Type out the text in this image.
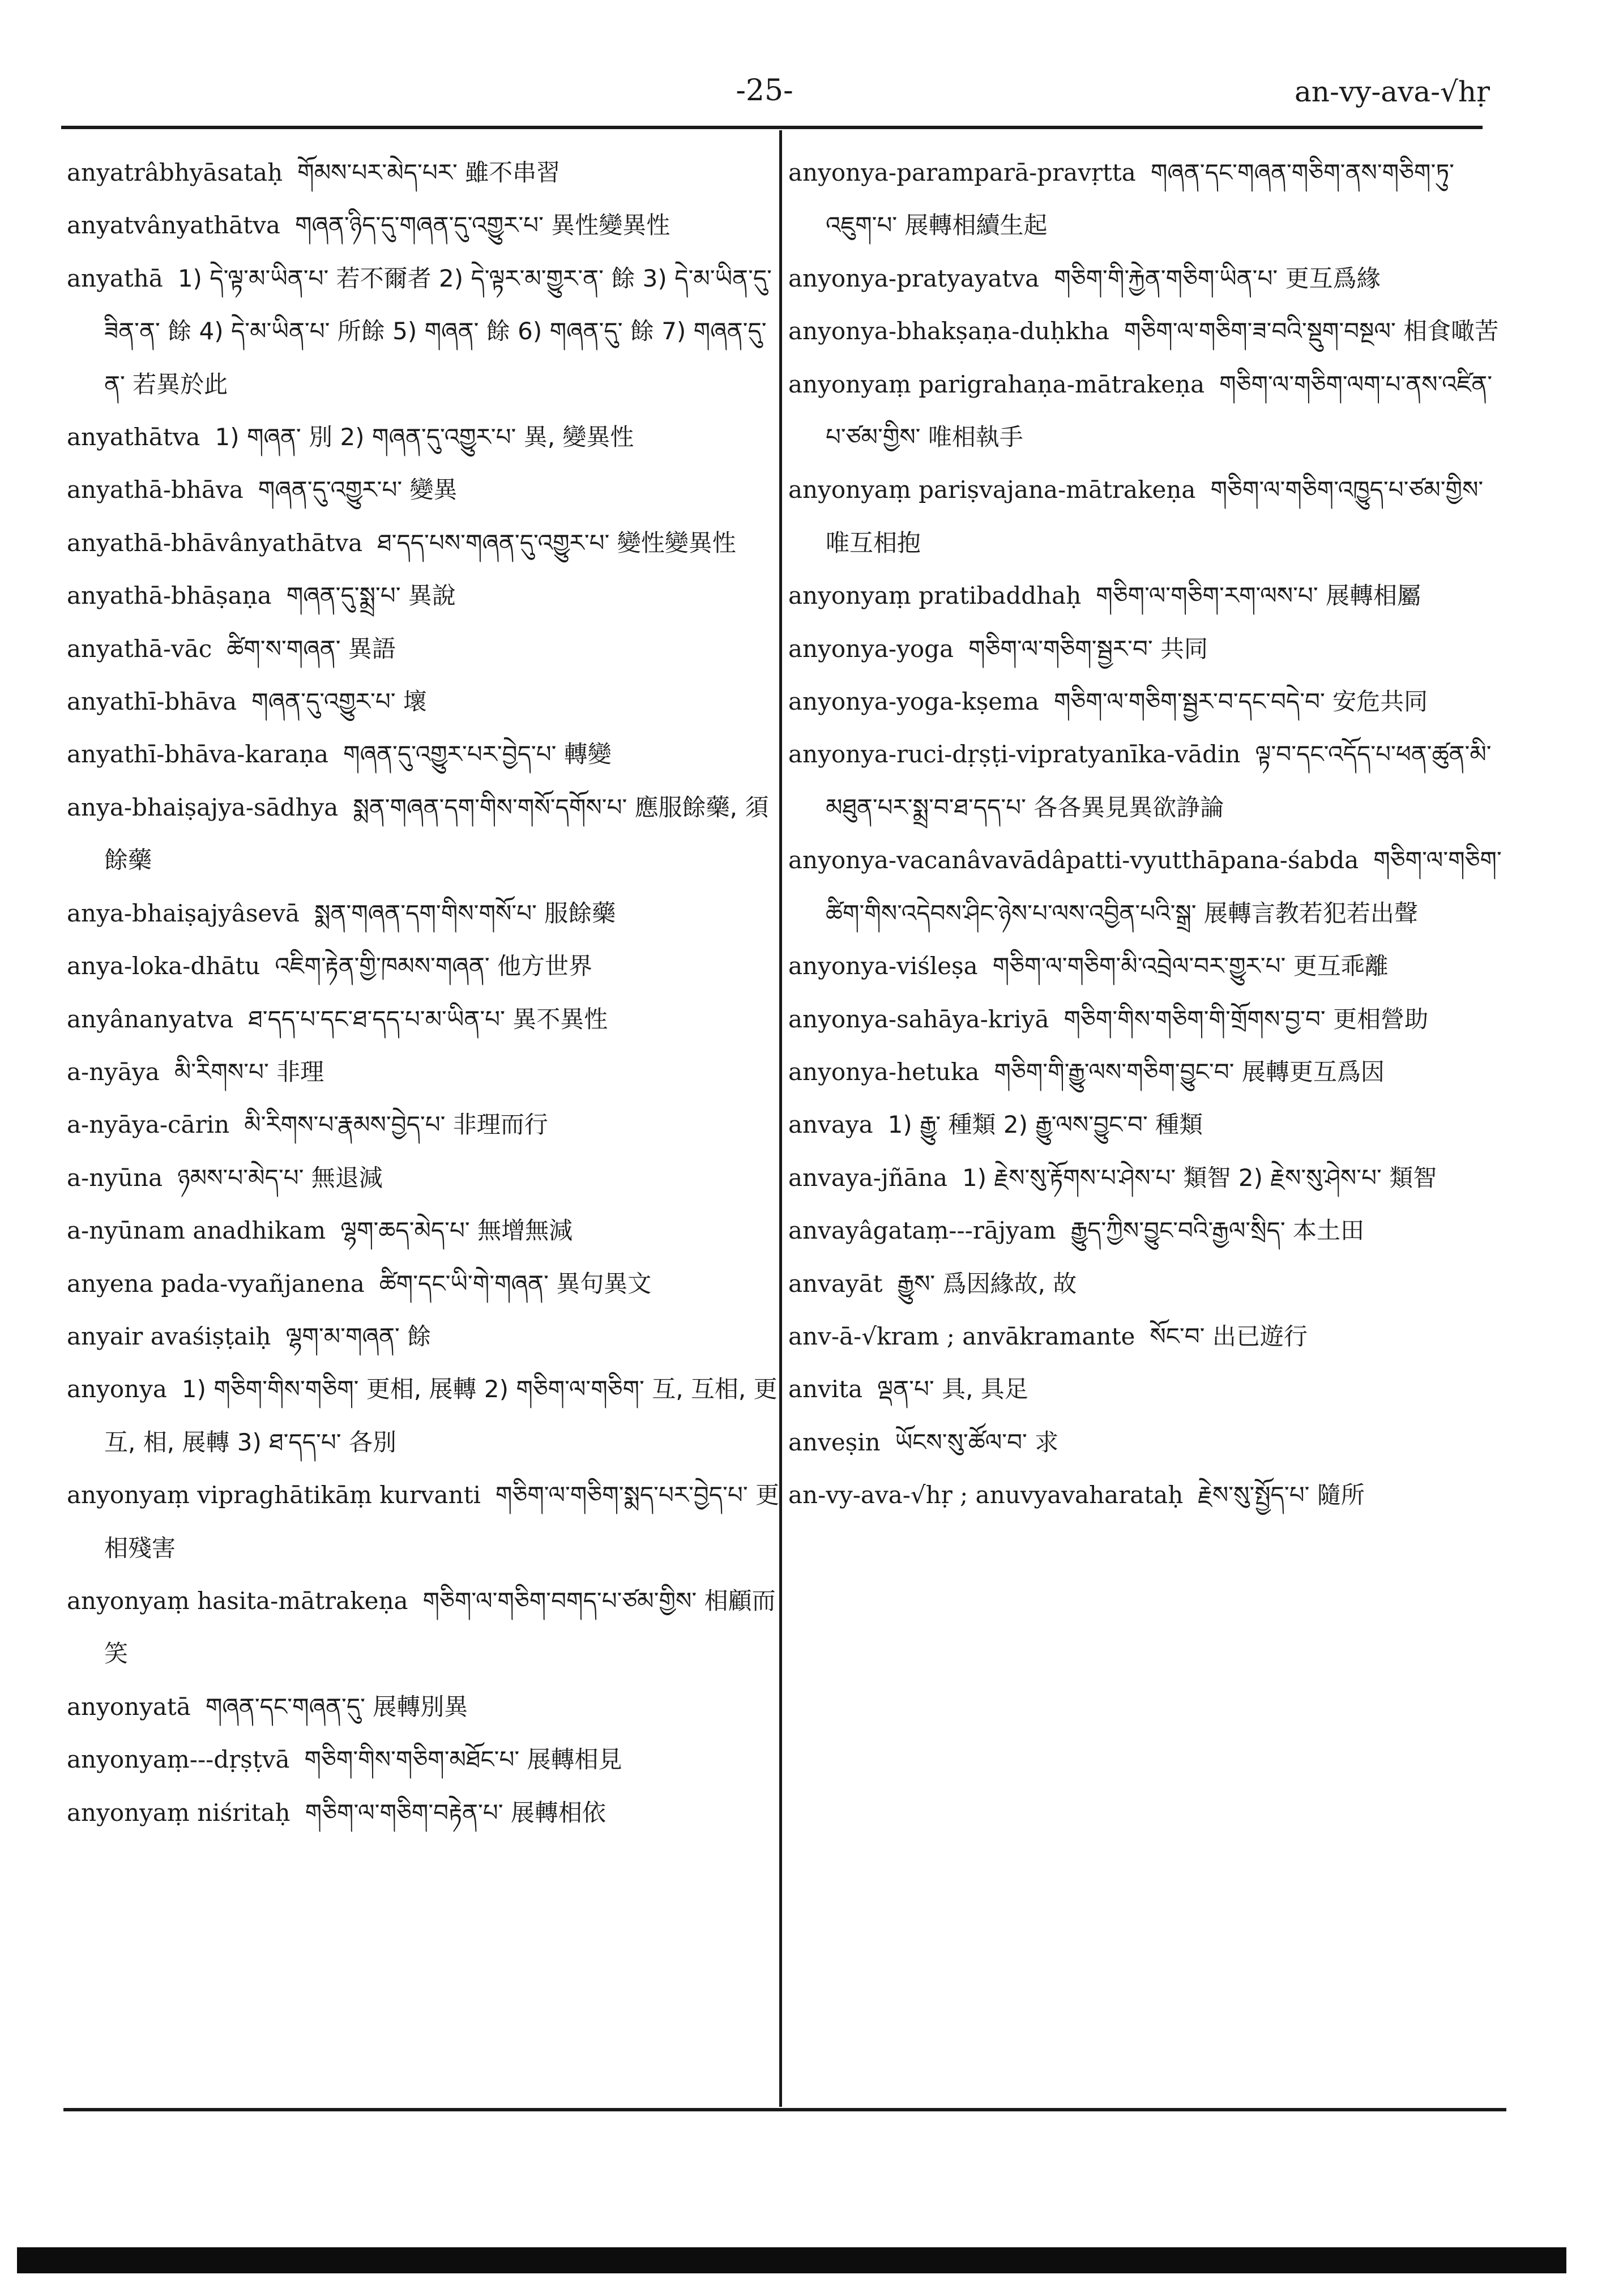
-25-	an-vy-ava-√hṛ
anyatrâbhyāsataḥ གོམས་པར་མེད་པར་ 雖不串習
anyatvânyathātva གཞན་ཉིད་དུ་གཞན་དུ་འགྱུར་པ་ 異性變異性
anyathā 1) དེ་ལྟ་མ་ཡིན་པ་ 若不爾者 2) དེ་ལྟར་མ་གྱུར་ན་ 餘 3) དེ་མ་ཡིན་དུ་ཟིན་ན་ 餘 4) དེ་མ་ཡིན་པ་ 所餘 5) གཞན་ 餘 6) གཞན་དུ་ 餘 7) གཞན་དུ་ན་ 若異於此
anyathātva 1) གཞན་ 別 2) གཞན་དུ་འགྱུར་པ་ 異, 變異性
anyathā-bhāva གཞན་དུ་འགྱུར་པ་ 變異
anyathā-bhāvânyathātva ཐ་དད་པས་གཞན་དུ་འགྱུར་པ་ 變性變異性
anyathā-bhāṣaṇa གཞན་དུ་སྨྲ་པ་ 異說
anyathā-vāc ཚིག་ས་གཞན་ 異語
anyathī-bhāva གཞན་དུ་འགྱུར་པ་ 壞
anyathī-bhāva-karaṇa གཞན་དུ་འགྱུར་པར་བྱེད་པ་ 轉變
anya-bhaiṣajya-sādhya སྨན་གཞན་དག་གིས་གསོ་དགོས་པ་ 應服餘藥, 須餘藥
anya-bhaiṣajyâsevā སྨན་གཞན་དག་གིས་གསོ་པ་ 服餘藥
anya-loka-dhātu འཇིག་རྟེན་གྱི་ཁམས་གཞན་ 他方世界
anyânanyatva ཐ་དད་པ་དང་ཐ་དད་པ་མ་ཡིན་པ་ 異不異性
a-nyāya མི་རིགས་པ་ 非理
a-nyāya-cārin མི་རིགས་པ་རྣམས་བྱེད་པ་ 非理而行
a-nyūna ཉམས་པ་མེད་པ་ 無退減
a-nyūnam anadhikam ལྷག་ཆད་མེད་པ་ 無增無減
anyena pada-vyañjanena ཚིག་དང་ཡི་གེ་གཞན་ 異句異文
anyair avaśiṣṭaiḥ ལྷག་མ་གཞན་ 餘
anyonya 1) གཅིག་གིས་གཅིག་ 更相, 展轉 2) གཅིག་ལ་གཅིག་ 互, 互相, 更互, 相, 展轉 3) ཐ་དད་པ་ 各別
anyonyaṃ vipraghātikāṃ kurvanti གཅིག་ལ་གཅིག་སྨད་པར་བྱེད་པ་ 更相殘害
anyonyaṃ hasita-mātrakeṇa གཅིག་ལ་གཅིག་བགད་པ་ཙམ་གྱིས་ 相顧而笑
anyonyatā གཞན་དང་གཞན་དུ་ 展轉別異
anyonyaṃ---dṛṣṭvā གཅིག་གིས་གཅིག་མཐོང་པ་ 展轉相見
anyonyaṃ niśritaḥ གཅིག་ལ་གཅིག་བརྟེན་པ་ 展轉相依
anyonya-paramparā-pravṛtta གཞན་དང་གཞན་གཅིག་ནས་གཅིག་ཏུ་འཇུག་པ་ 展轉相續生起
anyonya-pratyayatva གཅིག་གི་རྐྱེན་གཅིག་ཡིན་པ་ 更互爲緣
anyonya-bhakṣaṇa-duḥkha གཅིག་ལ་གཅིག་ཟ་བའི་སྡུག་བསྔལ་ 相食噉苦
anyonyaṃ parigrahaṇa-mātrakeṇa གཅིག་ལ་གཅིག་ལག་པ་ནས་འཛིན་པ་ཙམ་གྱིས་ 唯相執手
anyonyaṃ pariṣvajana-mātrakeṇa གཅིག་ལ་གཅིག་འཁྱུད་པ་ཙམ་གྱིས་ 唯互相抱
anyonyaṃ pratibaddhaḥ གཅིག་ལ་གཅིག་རག་ལས་པ་ 展轉相屬
anyonya-yoga གཅིག་ལ་གཅིག་སྦྱར་བ་ 共同
anyonya-yoga-kṣema གཅིག་ལ་གཅིག་སྦྱར་བ་དང་བདེ་བ་ 安危共同
anyonya-ruci-dṛṣṭi-vipratyanīka-vādin ལྟ་བ་དང་འདོད་པ་ཕན་ཚུན་མི་མཐུན་པར་སྨྲ་བ་ཐ་དད་པ་ 各各異見異欲諍論
anyonya-vacanâvavādâpatti-vyutthāpana-śabda གཅིག་ལ་གཅིག་ཚིག་གིས་འདེབས་ཤིང་ཉེས་པ་ལས་འབྱིན་པའི་སྒྲ་ 展轉言教若犯若出聲
anyonya-viśleṣa གཅིག་ལ་གཅིག་མི་འབྲེལ་བར་གྱུར་པ་ 更互乖離
anyonya-sahāya-kriyā གཅིག་གིས་གཅིག་གི་གྲོགས་བྱ་བ་ 更相營助
anyonya-hetuka གཅིག་གི་རྒྱུ་ལས་གཅིག་བྱུང་བ་ 展轉更互爲因
anvaya 1) རྒྱུ་ 種類 2) རྒྱུ་ལས་བྱུང་བ་ 種類
anvaya-jñāna 1) རྗེས་སུ་རྟོགས་པ་ཤེས་པ་ 類智 2) རྗེས་སུ་ཤེས་པ་ 類智
anvayâgataṃ---rājyam རྒྱུད་ཀྱིས་བྱུང་བའི་རྒྱལ་སྲིད་ 本土田
anvayāt རྒྱུས་ 爲因緣故, 故
anv-ā-√kram ; anvākramante སོང་བ་ 出已遊行
anvita ལྡན་པ་ 具, 具足
anveṣin ཡོངས་སུ་ཚོལ་བ་ 求
an-vy-ava-√hṛ ; anuvyavaharataḥ རྗེས་སུ་སྤྱོད་པ་ 隨所
